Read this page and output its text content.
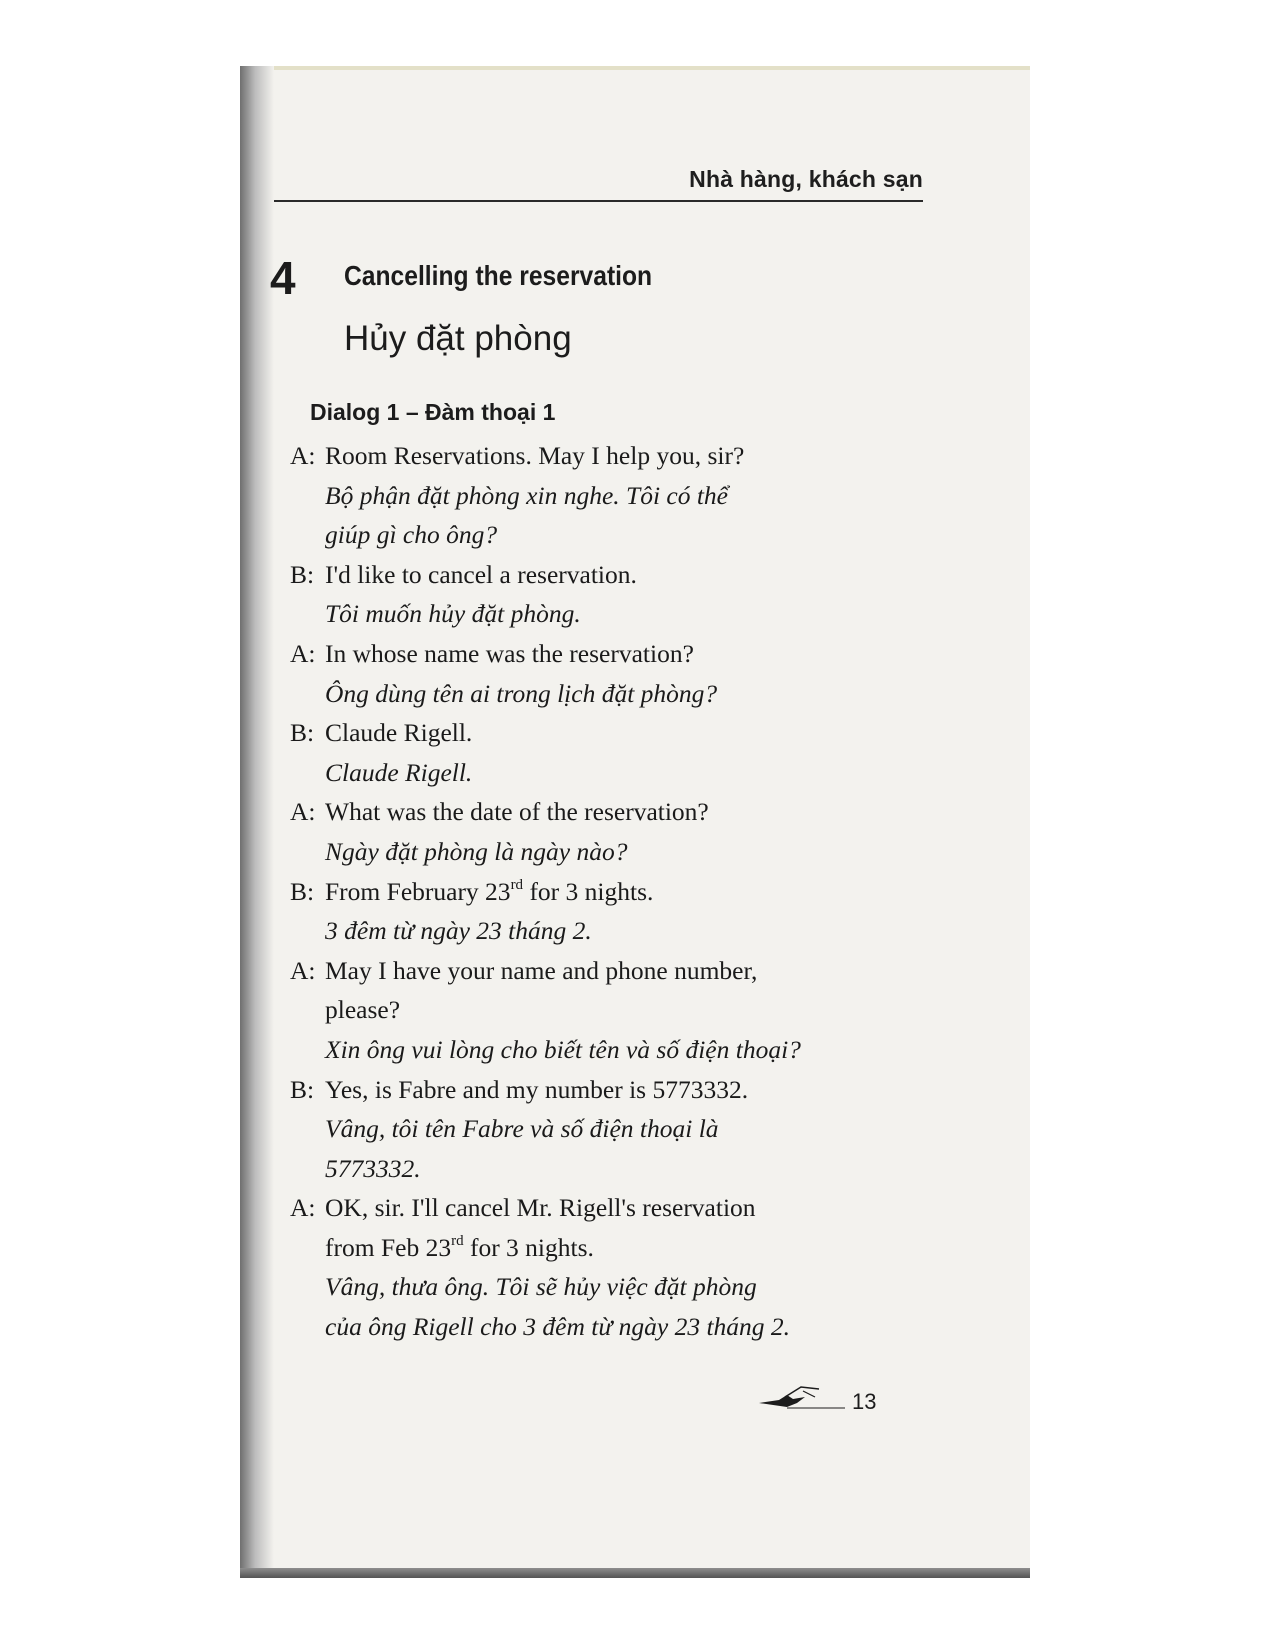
Nhà hàng, khách sạn
4 Cancelling the reservation
Hủy đặt phòng
Dialog 1 – Đàm thoại 1
A: Room Reservations. May I help you, sir?
Bộ phận đặt phòng xin nghe. Tôi có thể
giúp gì cho ông?
B: I'd like to cancel a reservation.
Tôi muốn hủy đặt phòng.
A: In whose name was the reservation?
Ông dùng tên ai trong lịch đặt phòng?
B: Claude Rigell.
Claude Rigell.
A: What was the date of the reservation?
Ngày đặt phòng là ngày nào?
B: From February 23rd for 3 nights.
3 đêm từ ngày 23 tháng 2.
A: May I have your name and phone number,
please?
Xin ông vui lòng cho biết tên và số điện thoại?
B: Yes, is Fabre and my number is 5773332.
Vâng, tôi tên Fabre và số điện thoại là
5773332.
A: OK, sir. I'll cancel Mr. Rigell's reservation
from Feb 23rd for 3 nights.
Vâng, thưa ông. Tôi sẽ hủy việc đặt phòng
của ông Rigell cho 3 đêm từ ngày 23 tháng 2.
13
